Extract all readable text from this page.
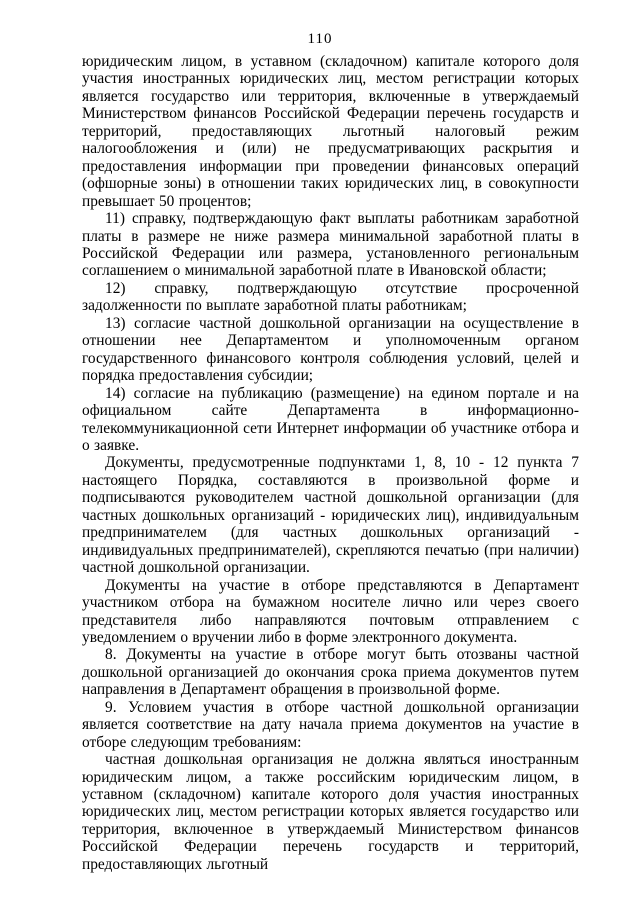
110

юридическим лицом, в уставном (складочном) капитале которого доля участия иностранных юридических лиц, местом регистрации которых является государство или территория, включенные в утверждаемый Министерством финансов Российской Федерации перечень государств и территорий, предоставляющих льготный налоговый режим налогообложения и (или) не предусматривающих раскрытия и предоставления информации при проведении финансовых операций (офшорные зоны) в отношении таких юридических лиц, в совокупности превышает 50 процентов;

11) справку, подтверждающую факт выплаты работникам заработной платы в размере не ниже размера минимальной заработной платы в Российской Федерации или размера, установленного региональным соглашением о минимальной заработной плате в Ивановской области;

12) справку, подтверждающую отсутствие просроченной задолженности по выплате заработной платы работникам;

13) согласие частной дошкольной организации на осуществление в отношении нее Департаментом и уполномоченным органом государственного финансового контроля соблюдения условий, целей и порядка предоставления субсидии;

14) согласие на публикацию (размещение) на едином портале и на официальном сайте Департамента в информационно-телекоммуникационной сети Интернет информации об участнике отбора и о заявке.

Документы, предусмотренные подпунктами 1, 8, 10 - 12 пункта 7 настоящего Порядка, составляются в произвольной форме и подписываются руководителем частной дошкольной организации (для частных дошкольных организаций - юридических лиц), индивидуальным предпринимателем (для частных дошкольных организаций - индивидуальных предпринимателей), скрепляются печатью (при наличии) частной дошкольной организации.

Документы на участие в отборе представляются в Департамент участником отбора на бумажном носителе лично или через своего представителя либо направляются почтовым отправлением с уведомлением о вручении либо в форме электронного документа.

8. Документы на участие в отборе могут быть отозваны частной дошкольной организацией до окончания срока приема документов путем направления в Департамент обращения в произвольной форме.

9. Условием участия в отборе частной дошкольной организации является соответствие на дату начала приема документов на участие в отборе следующим требованиям:

частная дошкольная организация не должна являться иностранным юридическим лицом, а также российским юридическим лицом, в уставном (складочном) капитале которого доля участия иностранных юридических лиц, местом регистрации которых является государство или территория, включенное в утверждаемый Министерством финансов Российской Федерации перечень государств и территорий, предоставляющих льготный
